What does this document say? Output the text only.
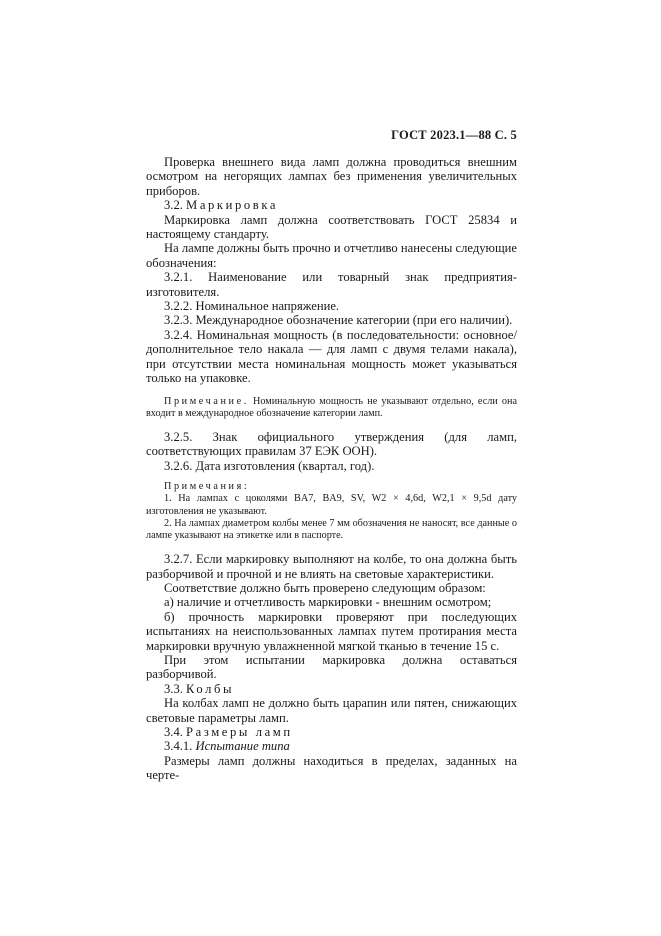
ГОСТ 2023.1—88 С. 5

Проверка внешнего вида ламп должна проводиться внешним осмотром на негорящих лампах без применения увеличительных приборов.

3.2. Маркировка

Маркировка ламп должна соответствовать ГОСТ 25834 и настоящему стандарту.

На лампе должны быть прочно и отчетливо нанесены следующие обозначения:

3.2.1. Наименование или товарный знак предприятия-изготовителя.

3.2.2. Номинальное напряжение.

3.2.3. Международное обозначение категории (при его наличии).

3.2.4. Номинальная мощность (в последовательности: основное/дополнительное тело накала — для ламп с двумя телами накала), при отсутствии места номинальная мощность может указываться только на упаковке.

Примечание. Номинальную мощность не указывают отдельно, если она входит в международное обозначение категории ламп.

3.2.5. Знак официального утверждения (для ламп, соответствующих правилам 37 ЕЭК ООН).

3.2.6. Дата изготовления (квартал, год).

Примечания:

1. На лампах с цоколями BA7, BA9, SV, W2 × 4,6d, W2,1 × 9,5d дату изготовления не указывают.

2. На лампах диаметром колбы менее 7 мм обозначения не наносят, все данные о лампе указывают на этикетке или в паспорте.

3.2.7. Если маркировку выполняют на колбе, то она должна быть разборчивой и прочной и не влиять на световые характеристики.

Соответствие должно быть проверено следующим образом:

а) наличие и отчетливость маркировки - внешним осмотром;

б) прочность маркировки проверяют при последующих испытаниях на неиспользованных лампах путем протирания места маркировки вручную увлажненной мягкой тканью в течение 15 с.

При этом испытании маркировка должна оставаться разборчивой.

3.3. Колбы

На колбах ламп не должно быть царапин или пятен, снижающих световые параметры ламп.

3.4. Размеры ламп

3.4.1. Испытание типа

Размеры ламп должны находиться в пределах, заданных на черте-
